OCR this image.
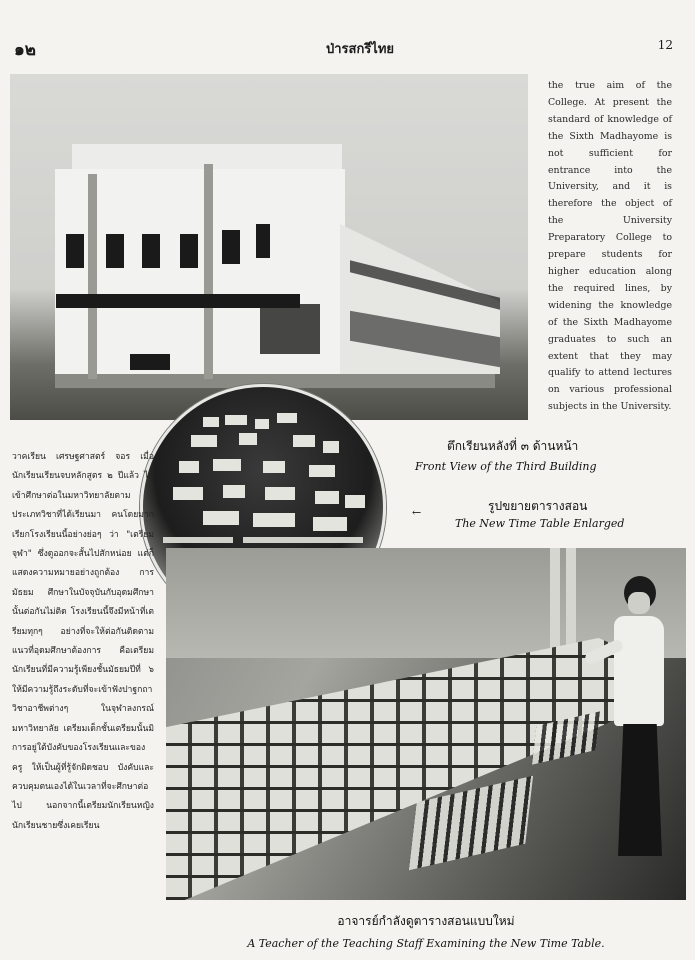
๑๒	ป่ารสกรีไทย	12
the true aim of the College. At present the standard of knowledge of the Sixth Madhayome is not sufficient for entrance into the University, and it is therefore the object of the University Preparatory College to prepare students for higher education along the required lines, by widening the knowledge of the Sixth Madhayome graduates to such an extent that they may qualify to attend lectures on various professional subjects in the University.
ตึกเรียนหลังที่ ๓ ด้านหน้า
Front View of the Third Building
←	รูปขยายตารางสอน
The New Time Table Enlarged
วาคเรียน เศรษฐศาสตร์ จอร เมื่อนักเรียนเรียนจบหลักสูตร ๒ ปีแล้ว ได้เข้าศึกษาต่อในมหาวิทยาลัยตามประเภทวิชาที่ได้เรียนมา คนโดยมากเรียกโรงเรียนนี้อย่างย่อๆ ว่า "เตรียมจุฬา" ซึ่งดูออกจะสั้นไปสักหน่อย แต่ก็แสดงความหมายอย่างถูกต้อง การ มัธยม ศึกษาในบัจจุบันกับอุดมศึกษานั้นต่อกันไม่ติด โรงเรียนนี้จึงมีหน้าที่เตรียมทุกๆ อย่างที่จะให้ต่อกันติดตามแนวที่อุดมศึกษาต้องการ คือเตรียมนักเรียนที่มีความรู้เพียงชั้นมัธยมปีที่ ๖ ให้มีความรู้ถึงระดับที่จะเข้าฟังปาฐกถาวิชาอาชีพต่างๆ ในจุฬาลงกรณ์มหาวิทยาลัย เตรียมเด็กชั้นเตรียมนั้นมิการอยู่ใต้บังคับของโรงเรียนและของครู ให้เป็นผู้ที่รู้จักผิดชอบ บังคับและควบคุมตนเองได้ในเวลาที่จะศึกษาต่อไป นอกจากนี้เตรียมนักเรียนหญิง นักเรียนชายซึ่งเคยเรียน
อาจารย์กำลังดูตารางสอนแบบใหม่
A Teacher of the Teaching Staff Examining the New Time Table.
